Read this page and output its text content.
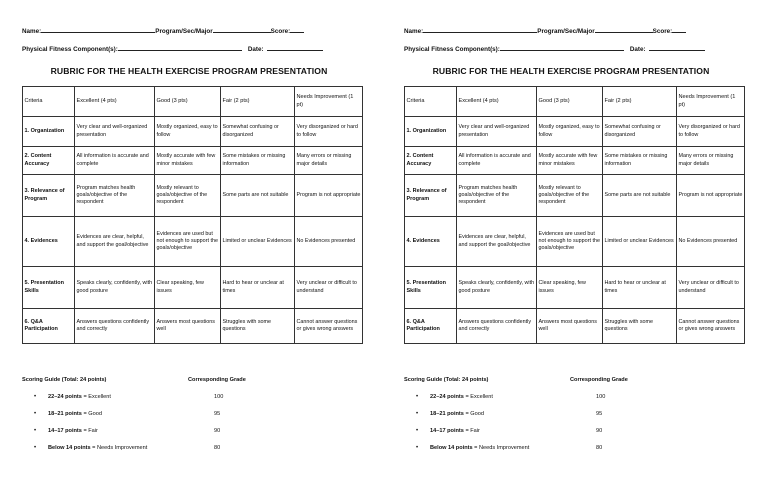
Name:	Program/Sec/Major	Score:
Physical Fitness Component(s):	Date:
RUBRIC FOR THE HEALTH EXERCISE PROGRAM PRESENTATION
Criteria	Excellent (4 pts)	Good (3 pts)	Fair (2 pts)	Needs Improvement (1 pt)
1. Organization	Very clear and well-organized presentation	Mostly organized, easy to follow	Somewhat confusing or disorganized	Very disorganized or hard to follow
2. Content Accuracy	All information is accurate and complete	Mostly accurate with few minor mistakes	Some mistakes or missing information	Many errors or missing major details
3. Relevance of Program	Program matches health goals/objective of the respondent	Mostly relevant to goals/objective of the respondent	Some parts are not suitable	Program is not appropriate
4. Evidences	Evidences are clear, helpful, and support the goal/objective	Evidences are used but not enough to support the goals/objective	Limited or unclear Evidences	No Evidences presented
5. Presentation Skills	Speaks clearly, confidently, with good posture	Clear speaking, few issues	Hard to hear or unclear at times	Very unclear or difficult to understand
6. Q&A Participation	Answers questions confidently and correctly	Answers most questions well	Struggles with some questions	Cannot answer questions or gives wrong answers
Scoring Guide (Total: 24 points)	Corresponding Grade
• 22–24 points = Excellent	100
• 18–21 points = Good	95
• 14–17 points = Fair	90
• Below 14 points = Needs Improvement	80
Name:	Program/Sec/Major	Score:
Physical Fitness Component(s):	Date:
RUBRIC FOR THE HEALTH EXERCISE PROGRAM PRESENTATION
Criteria	Excellent (4 pts)	Good (3 pts)	Fair (2 pts)	Needs Improvement (1 pt)
1. Organization	Very clear and well-organized presentation	Mostly organized, easy to follow	Somewhat confusing or disorganized	Very disorganized or hard to follow
2. Content Accuracy	All information is accurate and complete	Mostly accurate with few minor mistakes	Some mistakes or missing information	Many errors or missing major details
3. Relevance of Program	Program matches health goals/objective of the respondent	Mostly relevant to goals/objective of the respondent	Some parts are not suitable	Program is not appropriate
4. Evidences	Evidences are clear, helpful, and support the goal/objective	Evidences are used but not enough to support the goals/objective	Limited or unclear Evidences	No Evidences presented
5. Presentation Skills	Speaks clearly, confidently, with good posture	Clear speaking, few issues	Hard to hear or unclear at times	Very unclear or difficult to understand
6. Q&A Participation	Answers questions confidently and correctly	Answers most questions well	Struggles with some questions	Cannot answer questions or gives wrong answers
Scoring Guide (Total: 24 points)	Corresponding Grade
• 22–24 points = Excellent	100
• 18–21 points = Good	95
• 14–17 points = Fair	90
• Below 14 points = Needs Improvement	80
